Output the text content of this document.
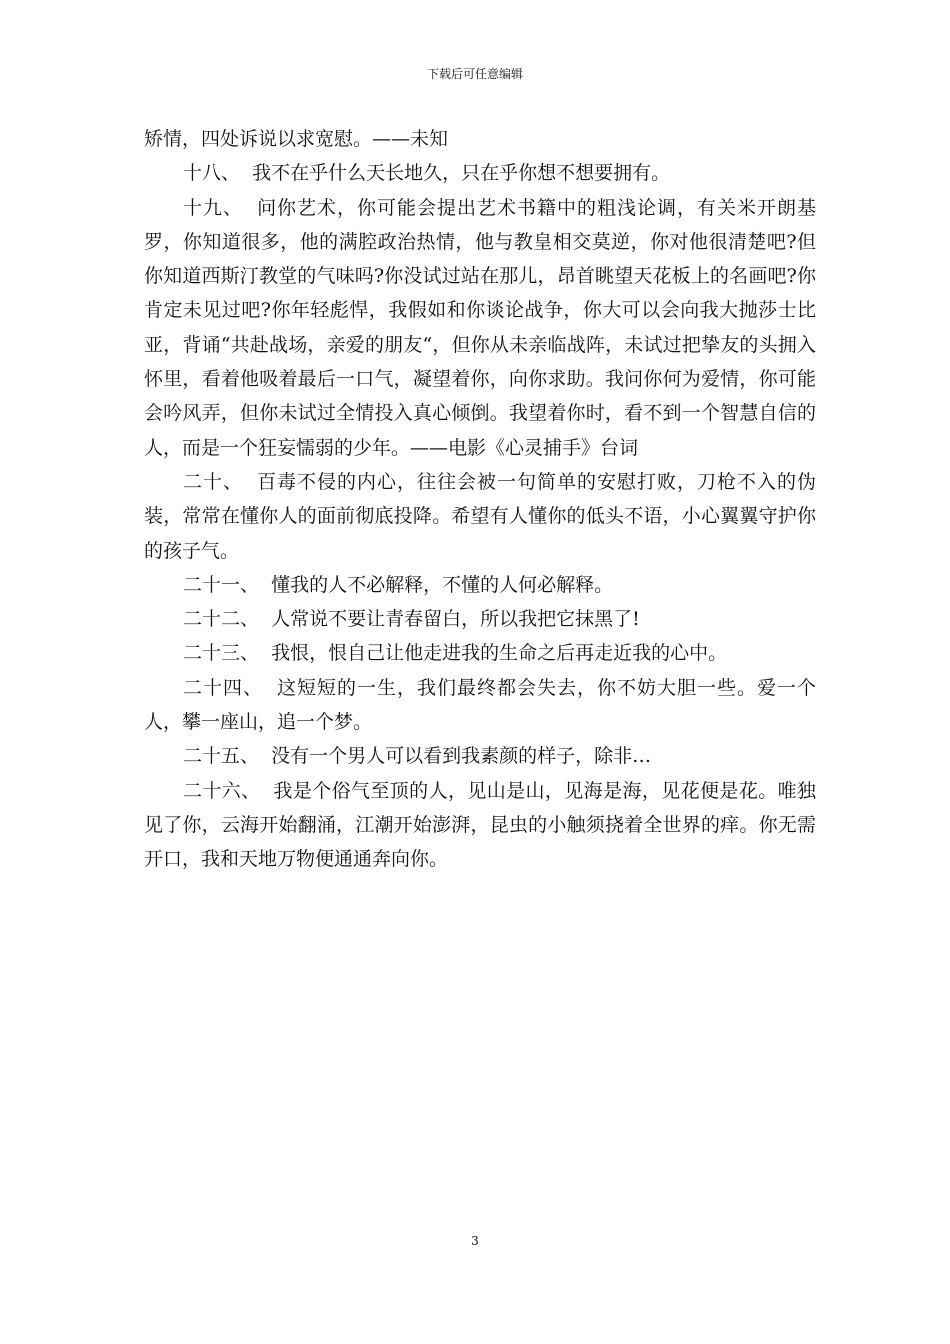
下载后可任意编辑

矫情，四处诉说以求宽慰。——未知

十八、  我不在乎什么天长地久，只在乎你想不想要拥有。

十九、  问你艺术，你可能会提出艺术书籍中的粗浅论调，有关米开朗基罗，你知道很多，他的满腔政治热情，他与教皇相交莫逆，你对他很清楚吧?但你知道西斯汀教堂的气味吗?你没试过站在那儿，昂首眺望天花板上的名画吧?你肯定未见过吧?你年轻彪悍，我假如和你谈论战争，你大可以会向我大抛莎士比亚，背诵“共赴战场，亲爱的朋友“，但你从未亲临战阵，未试过把挚友的头拥入怀里，看着他吸着最后一口气，凝望着你，向你求助。我问你何为爱情，你可能会吟风弄，但你未试过全情投入真心倾倒。我望着你时，看不到一个智慧自信的人，而是一个狂妄懦弱的少年。——电影《心灵捕手》台词

二十、  百毒不侵的内心，往往会被一句简单的安慰打败，刀枪不入的伪装，常常在懂你人的面前彻底投降。希望有人懂你的低头不语，小心翼翼守护你的孩子气。

二十一、  懂我的人不必解释，不懂的人何必解释。

二十二、  人常说不要让青春留白，所以我把它抹黑了!

二十三、  我恨，恨自己让他走进我的生命之后再走近我的心中。

二十四、  这短短的一生，我们最终都会失去，你不妨大胆一些。爱一个人，攀一座山，追一个梦。

二十五、  没有一个男人可以看到我素颜的样子，除非…

二十六、  我是个俗气至顶的人，见山是山，见海是海，见花便是花。唯独见了你，云海开始翻涌，江潮开始澎湃，昆虫的小触须挠着全世界的痒。你无需开口，我和天地万物便通通奔向你。

3
